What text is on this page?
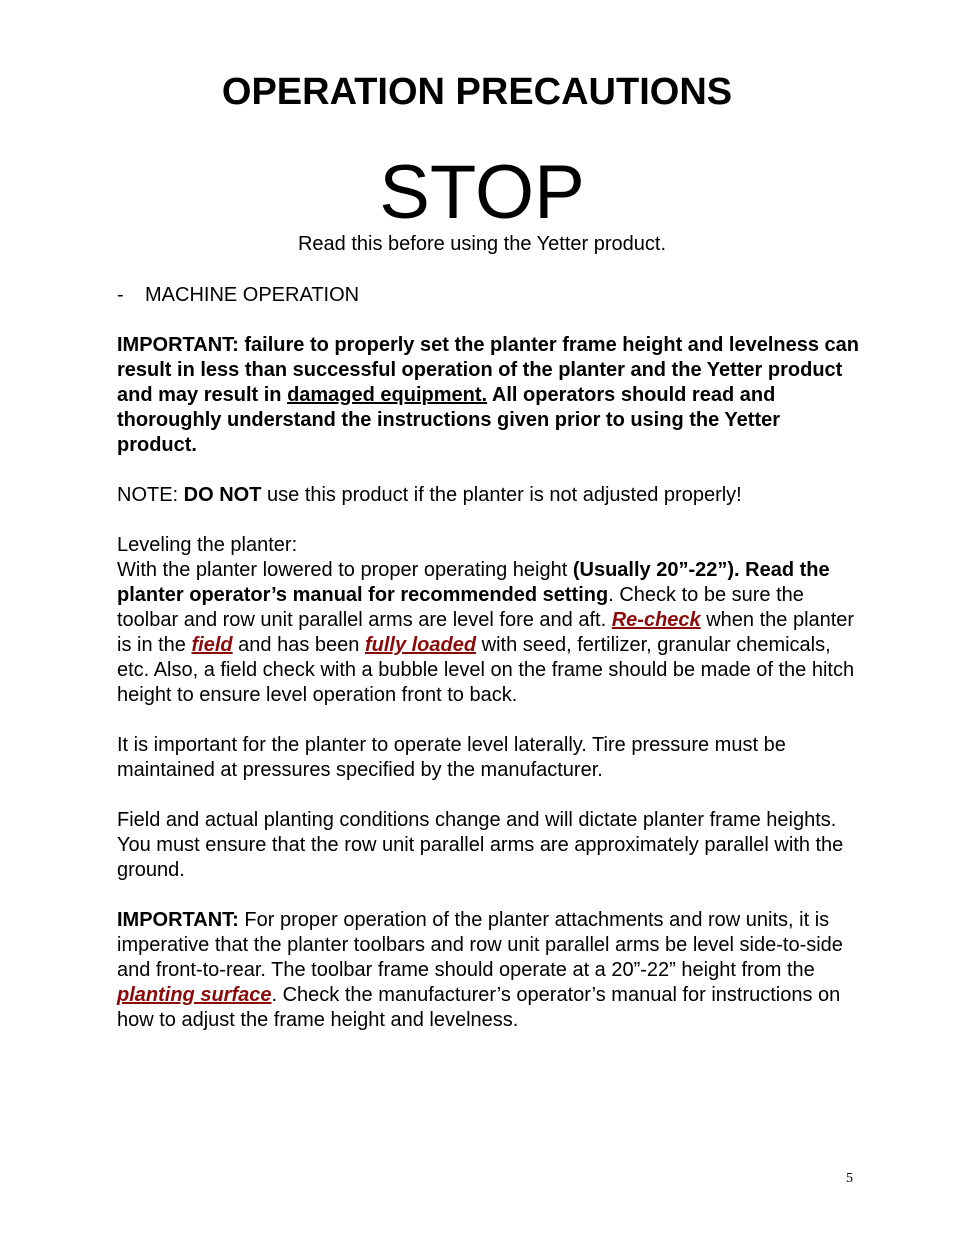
OPERATION PRECAUTIONS
STOP
Read this before using the Yetter product.

-	MACHINE OPERATION

IMPORTANT: failure to properly set the planter frame height and levelness can result in less than successful operation of the planter and the Yetter product and may result in damaged equipment. All operators should read and thoroughly understand the instructions given prior to using the Yetter product.

NOTE: DO NOT use this product if the planter is not adjusted properly!

Leveling the planter:

With the planter lowered to proper operating height (Usually 20”-22”). Read the planter operator’s manual for recommended setting. Check to be sure the toolbar and row unit parallel arms are level fore and aft. Re-check when the planter is in the field and has been fully loaded with seed, fertilizer, granular chemicals, etc. Also, a field check with a bubble level on the frame should be made of the hitch height to ensure level operation front to back.

It is important for the planter to operate level laterally. Tire pressure must be maintained at pressures specified by the manufacturer.

Field and actual planting conditions change and will dictate planter frame heights. You must ensure that the row unit parallel arms are approximately parallel with the ground.

IMPORTANT: For proper operation of the planter attachments and row units, it is imperative that the planter toolbars and row unit parallel arms be level side-to-side and front-to-rear. The toolbar frame should operate at a 20”-22” height from the planting surface. Check the manufacturer’s operator’s manual for instructions on how to adjust the frame height and levelness.

5
